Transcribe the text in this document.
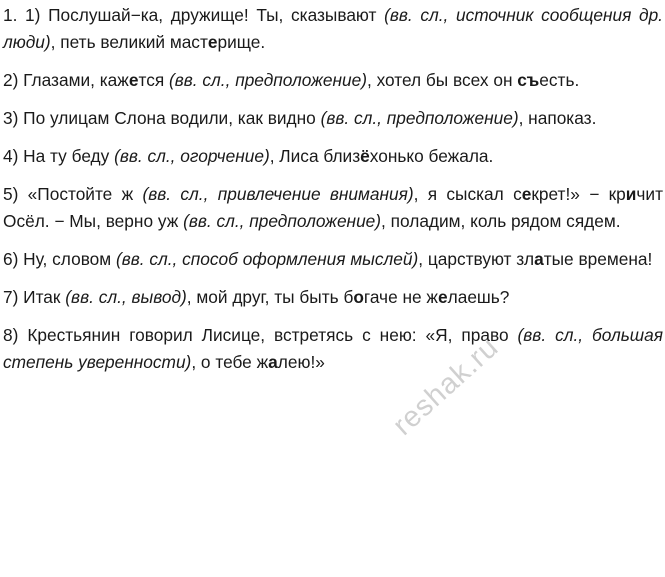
1. 1) Послушай−ка, дружище! Ты, сказывают (вв. сл., источник сообщения др. люди), петь великий мастерище.

2) Глазами, кажется (вв. сл., предположение), хотел бы всех он съесть.

3) По улицам Слона водили, как видно (вв. сл., предположение), напоказ.

4) На ту беду (вв. сл., огорчение), Лиса близёхонько бежала.

5) «Постойте ж (вв. сл., привлечение внимания), я сыскал секрет!» − кричит Осёл. − Мы, верно уж (вв. сл., предположение), поладим, коль рядом сядем.

6) Ну, словом (вв. сл., способ оформления мыслей), царствуют златые времена!

7) Итак (вв. сл., вывод), мой друг, ты быть богаче не желаешь?

8) Крестьянин говорил Лисице, встретясь с нею: «Я, право (вв. сл., большая степень уверенности), о тебе жалею!»	reshak.ru
